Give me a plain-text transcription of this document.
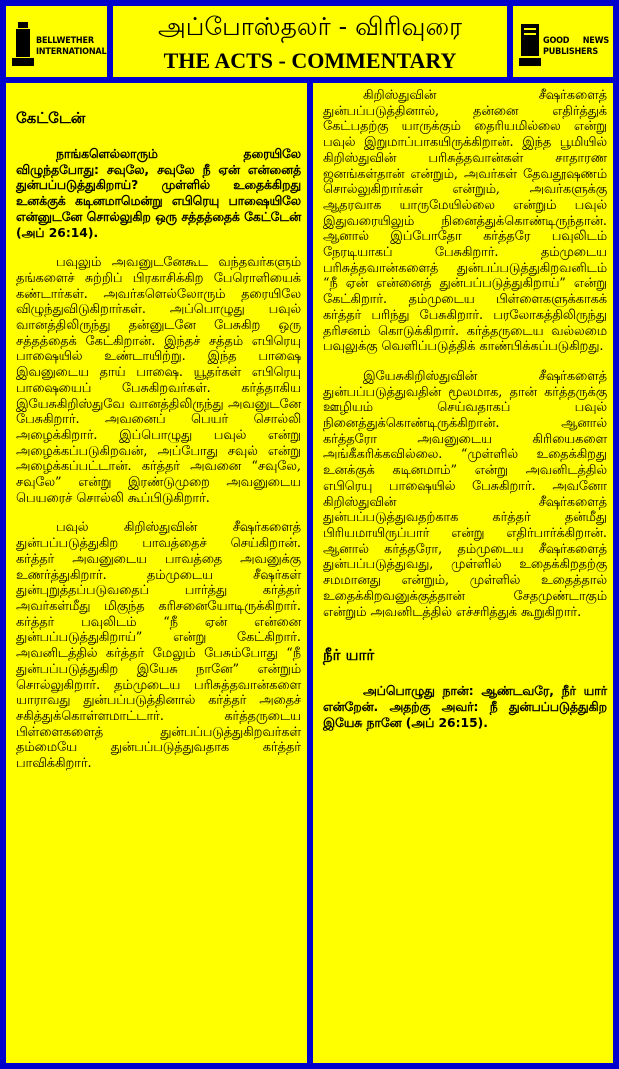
BELLWETHER INTERNATIONAL
அப்போஸ்தலர் - விரிவுரை
THE ACTS - COMMENTARY
GOOD NEWS PUBLISHERS

கேட்டேன்

நாங்களெல்லாரும் தரையிலே விழுந்தபோது: சவுலே, சவுலே நீ ஏன் என்னைத் துன்பப்படுத்துகிறாய்? முள்ளில் உதைக்கிறது உனக்குக் கடினமாமென்று எபிரெயு பாஷையிலே என்னுடனே சொல்லுகிற ஒரு சத்தத்தைக் கேட்டேன் (அப் 26:14).

பவுலும் அவனுடனேகூட வந்தவர்களும் தங்களைச் சுற்றிப் பிரகாசிக்கிற பேரொளியைக் கண்டார்கள். அவர்களெல்லோரும் தரையிலே விழுந்துவிடுகிறார்கள். அப்பொழுது பவுல் வானத்திலிருந்து தன்னுடனே பேசுகிற ஒரு சத்தத்தைக் கேட்கிறான். இந்தச் சத்தம் எபிரெயு பாஷையில் உண்டாயிற்று. இந்த பாஷை இவனுடைய தாய் பாஷை. யூதர்கள் எபிரெயு பாஷையைப் பேசுகிறவர்கள். கர்த்தாகிய இயேசுகிறிஸ்துவே வானத்திலிருந்து அவனுடனே பேசுகிறார். அவனைப் பெயர் சொல்லி அழைக்கிறார். இப்பொழுது பவுல் என்று அழைக்கப்படுகிறவன், அப்போது சவுல் என்று அழைக்கப்பட்டான். கர்த்தர் அவனை “சவுலே, சவுலே” என்று இரண்டுமுறை அவனுடைய பெயரைச் சொல்லி கூப்பிடுகிறார்.

பவுல் கிறிஸ்துவின் சீஷர்களைத் துன்பப்படுத்துகிற பாவத்தைச் செய்கிறான். கர்த்தர் அவனுடைய பாவத்தை அவனுக்கு உணர்த்துகிறார். தம்முடைய சீஷர்கள் துன்புறுத்தப்படுவதைப் பார்த்து கர்த்தர் அவர்கள்மீது மிகுந்த கரிசனையோடிருக்கிறார். கர்த்தர் பவுலிடம் “நீ ஏன் என்னை துன்பப்படுத்துகிறாய்” என்று கேட்கிறார். அவனிடத்தில் கர்த்தர் மேலும் பேசும்போது “நீ துன்பப்படுத்துகிற இயேசு நானே” என்றும் சொல்லுகிறார். தம்முடைய பரிசுத்தவான்களை யாராவது துன்பப்படுத்தினால் கர்த்தர் அதைச் சகித்துக்கொள்ளமாட்டார். கர்த்தருடைய பிள்ளைகளைத் துன்பப்படுத்துகிறவர்கள் தம்மையே துன்பப்படுத்துவதாக கர்த்தர் பாவிக்கிறார்.

கிறிஸ்துவின் சீஷர்களைத் துன்பப்படுத்தினால், தன்னை எதிர்த்துக் கேட்பதற்கு யாருக்கும் தைரியமில்லை என்று பவுல் இறுமாப்பாகயிருக்கிறான். இந்த பூமியில் கிறிஸ்துவின் பரிசுத்தவான்கள் சாதாரண ஜனங்கள்தான் என்றும், அவர்கள் தேவதூஷணம் சொல்லுகிறார்கள் என்றும், அவர்களுக்கு ஆதரவாக யாருமேயில்லை என்றும் பவுல் இதுவரையிலும் நினைத்துக்கொண்டிருந்தான். ஆனால் இப்போதோ கர்த்தரே பவுலிடம் நேரடியாகப் பேசுகிறார். தம்முடைய பரிசுத்தவான்களைத் துன்பப்படுத்துகிறவனிடம் “நீ ஏன் என்னைத் துன்பப்படுத்துகிறாய்” என்று கேட்கிறார். தம்முடைய பிள்ளைகளுக்காகக் கர்த்தர் பரிந்து பேசுகிறார். பரலோகத்திலிருந்து தரிசனம் கொடுக்கிறார். கர்த்தருடைய வல்லமை பவுலுக்கு வெளிப்படுத்திக் காண்பிக்கப்படுகிறது.

இயேசுகிறிஸ்துவின் சீஷர்களைத் துன்பப்படுத்துவதின் மூலமாக, தான் கர்த்தருக்கு ஊழியம் செய்வதாகப் பவுல் நினைத்துக்கொண்டிருக்கிறான். ஆனால் கர்த்தரோ அவனுடைய கிரியைகளை அங்கீகரிக்கவில்லை. “முள்ளில் உதைக்கிறது உனக்குக் கடினமாம்” என்று அவனிடத்தில் எபிரெயு பாஷையில் பேசுகிறார். அவனோ கிறிஸ்துவின் சீஷர்களைத் துன்பப்படுத்துவதற்காக கர்த்தர் தன்மீது பிரியமாயிருப்பார் என்று எதிர்பார்க்கிறான். ஆனால் கர்த்தரோ, தம்முடைய சீஷர்களைத் துன்பப்படுத்துவது, முள்ளில் உதைக்கிறதற்கு சமமானது என்றும், முள்ளில் உதைத்தால் உதைக்கிறவனுக்குத்தான் சேதமுண்டாகும் என்றும் அவனிடத்தில் எச்சரித்துக் கூறுகிறார்.

நீர் யார்

அப்பொழுது நான்: ஆண்டவரே, நீர் யார் என்றேன். அதற்கு அவர்: நீ துன்பப்படுத்துகிற இயேசு நானே (அப் 26:15).
